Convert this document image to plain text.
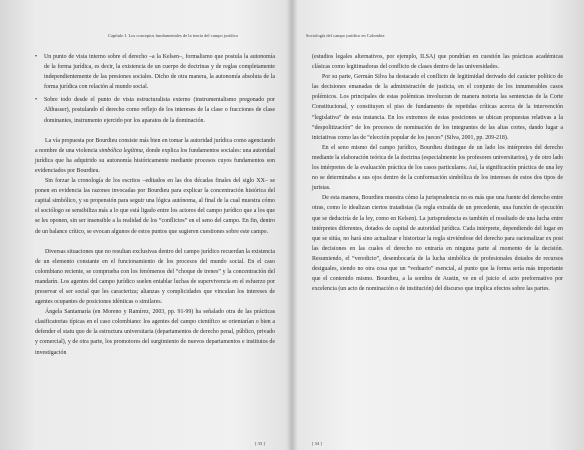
Capítulo I. Los conceptos fundamentales de la teoría del campo jurídico
• Un punto de vista interno sobre el derecho –a la Kelsen–, formalismo que postula la autonomía de la forma jurídica, es decir, la existencia de un cuerpo de doctrinas y de reglas completamente independientemente de las presiones sociales. Dicho de otra manera, la autonomía absoluta de la forma jurídica con relación al mundo social.
• Sobre todo desde el punto de vista estructuralista externo (instrumentalismo pregonado por Althusser), postulando el derecho como reflejo de los intereses de la clase o fracciones de clase dominantes, instrumento ejercido por los aparatos de la dominación.

La vía propuesta por Bourdieu consiste más bien en tomar la autoridad jurídica como agenciando a nombre de una violencia simbólica legítima, donde explica los fundamentos sociales: una autoridad jurídica que ha adquirido su autonomía históricamente mediante procesos cuyos fundamentos son evidenciados por Bourdieu.

Sin forzar la cronología de los escritos –editados en las dos décadas finales del siglo XX– se ponen en evidencia las razones invocadas por Bourdieu para explicar la concentración histórica del capital simbólico, y su propensión para seguir una lógica autónoma, al final de la cual muestra cómo el sociólogo se sensibiliza más a lo que está ligado entre los actores del campo jurídico que a los que se les oponen, sin ser insensible a la realidad de los “conflictos” en el seno del campo. En fin, dentro de un balance crítico, se evocan algunos de estos puntos que sugieren cuestiones sobre este campo.

Diversas situaciones que no resultan exclusivas dentro del campo jurídico recuerdan la existencia de un elemento constante en el funcionamiento de los procesos del mundo social. En el caso colombiano reciente, se comprueba con los fenómenos del “choque de trenes” y la concentración del mandarín. Los agentes del campo jurídico suelen entablar luchas de supervivencia en el esfuerzo por preservar el ser social que les caracteriza; alianzas y complicidades que vinculan los intereses de agentes ocupantes de posiciones idénticas o similares.

Ángela Santamaría (en Moreno y Ramírez, 2003, pp. 91-99) ha señalado otra de las prácticas clasificatorias típicas en el caso colombiano: los agentes del campo científico se orientarían o bien a defender el statu quo de la estructura universitaria (departamentos de derecho penal, público, privado y comercial), y de otra parte, los promotores del surgimiento de nuevos departamentos e institutos de investigación

[ 33 ]
Sociología del campo jurídico en Colombia

(estudios legales alternativos, por ejemplo, ILSA) que pondrían en cuestión las prácticas académicas clásicas como legitimadoras del conflicto de clases dentro de las universidades.

Por su parte, Germán Silva ha destacado el conflicto de legitimidad derivado del carácter político de las decisiones emanadas de la administración de justicia, en el conjunto de los innumerables casos polémicos. Los principales de estas polémicas involucran de manera notoria las sentencias de la Corte Constitucional, y constituyen el piso de fundamento de repetidas críticas acerca de la intervención “legislativa” de esta instancia. En los extremos de estas posiciones se ubican propuestas relativas a la “despolitización” de los procesos de nominación de los integrantes de las altas cortes, dando lugar a iniciativas como las de “elección popular de los jueces” (Silva, 2001, pp. 209-218).

En el seno mismo del campo jurídico, Bourdieu distingue de un lado los intérpretes del derecho mediante la elaboración teórica de la doctrina (especialmente los profesores universitarios), y de otro lado los intérpretes de la evaluación práctica de los casos particulares. Así, la significación práctica de una ley no se determinaba a sus ojos dentro de la conformación simbólica de los intereses de estos dos tipos de juristas.

De esta manera, Bourdieu muestra cómo la jurisprudencia no es más que una fuente del derecho entre otras, como lo idealizan ciertos tratadistas (la regla extraída de un precedente, una función de ejecución que se deduciría de la ley, como en Kelsen). La jurisprudencia es también el resultado de una lucha entre intérpretes diferentes, dotados de capital de autoridad jurídica. Cada intérprete, dependiendo del lugar en que se sitúa, no hará sino actualizar e historizar la regla sirviéndose del derecho para racionalizar ex post las decisiones en las cuales el derecho no entraría en ninguna parte al momento de la decisión. Resumiendo, el “veredicto”, desembocaría de la lucha simbólica de profesionales dotados de recursos desiguales, siendo no otra cosa que un “veduario” esencial, al punto que la forma sería más importante que el contenido mismo. Bourdieu, a la sombra de Austin, ve en el juicio el acto preformativo por excelencia (un acto de nominación o de institución) del discurso que implica efectos sobre las partes.

[ 34 ]
